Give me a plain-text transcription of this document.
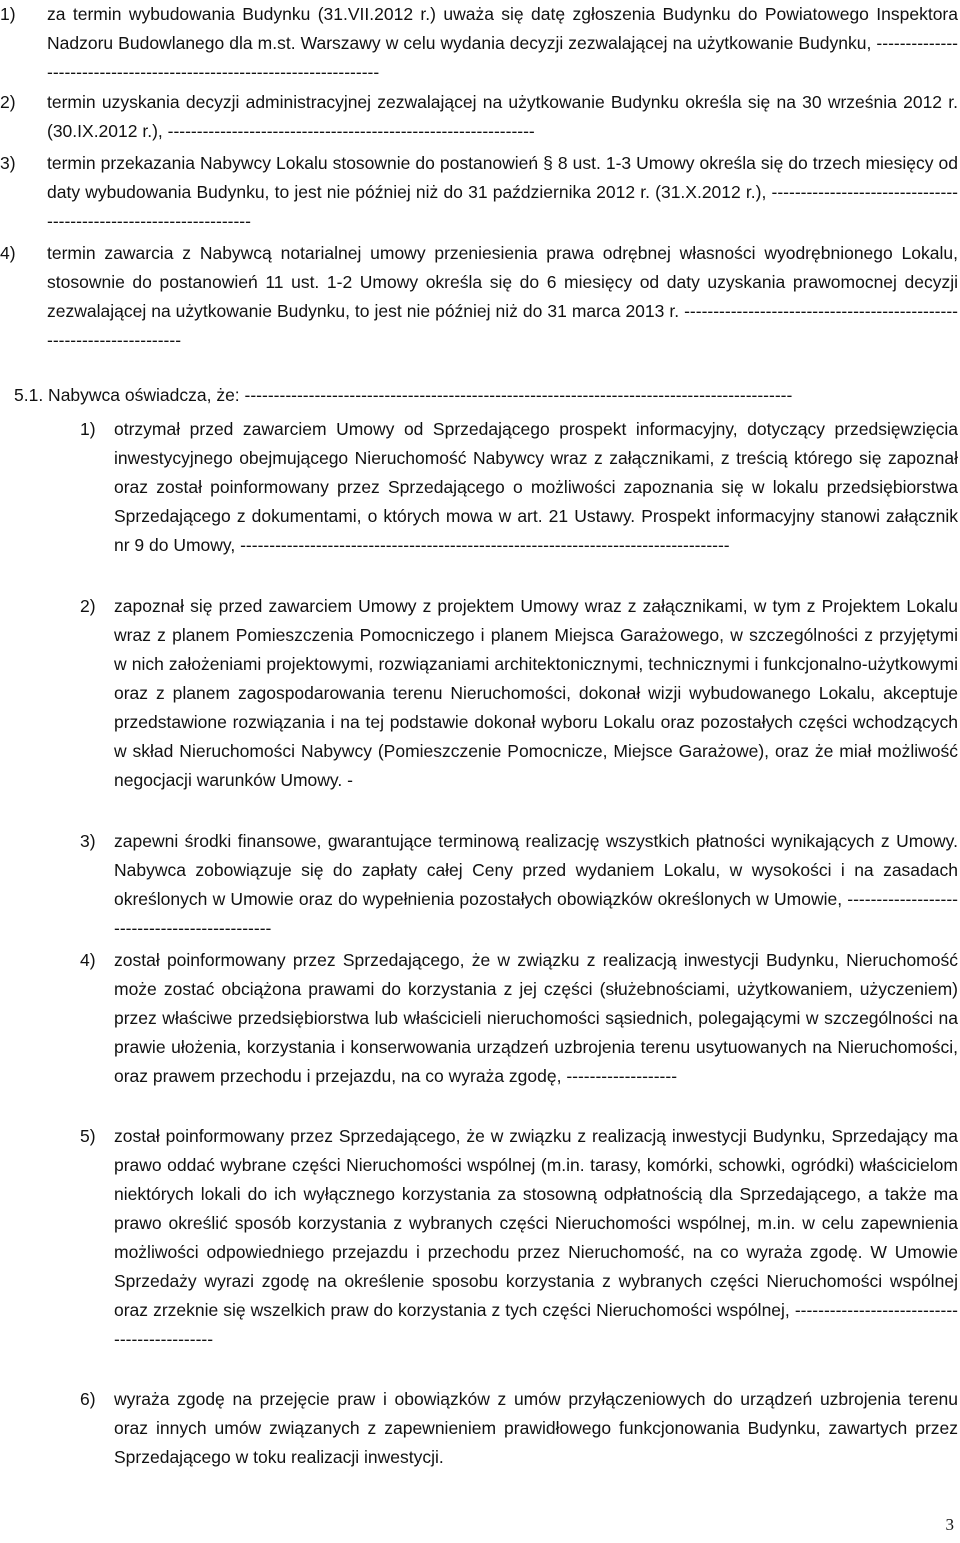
1) za termin wybudowania Budynku (31.VII.2012 r.) uważa się datę zgłoszenia Budynku do Powiatowego Inspektora Nadzoru Budowlanego dla m.st. Warszawy w celu wydania decyzji zezwalającej na użytkowanie Budynku, -----------------------------------------------------------------------
2) termin uzyskania decyzji administracyjnej zezwalającej na użytkowanie Budynku określa się na 30 września 2012 r. (30.IX.2012 r.), ---------------------------------------------------------------
3) termin przekazania Nabywcy Lokalu stosownie do postanowień § 8 ust. 1-3 Umowy określa się do trzech miesięcy od daty wybudowania Budynku, to jest nie później niż do 31 października 2012 r. (31.X.2012 r.), -------------------------------------------------------------------
4) termin zawarcia z Nabywcą notarialnej umowy przeniesienia prawa odrębnej własności wyodrębnionego Lokalu, stosownie do postanowień 11 ust. 1-2 Umowy określa się do 6 miesięcy od daty uzyskania prawomocnej decyzji zezwalającej na użytkowanie Budynku, to jest nie później niż do 31 marca 2013 r. ----------------------------------------------------------------------
5.1. Nabywca oświadcza, że: ----------------------------------------------------------------------------------------------
1) otrzymał przed zawarciem Umowy od Sprzedającego prospekt informacyjny, dotyczący przedsięwzięcia inwestycyjnego obejmującego Nieruchomość Nabywcy wraz z załącznikami, z treścią którego się zapoznał oraz został poinformowany przez Sprzedającego o możliwości zapoznania się w lokalu przedsiębiorstwa Sprzedającego z dokumentami, o których mowa w art. 21 Ustawy. Prospekt informacyjny stanowi załącznik nr 9 do Umowy, ------------------------------------------------------------------------------------
2) zapoznał się przed zawarciem Umowy z projektem Umowy wraz z załącznikami, w tym z Projektem Lokalu wraz z planem Pomieszczenia Pomocniczego i planem Miejsca Garażowego, w szczególności z przyjętymi w nich założeniami projektowymi, rozwiązaniami architektonicznymi, technicznymi i funkcjonalno-użytkowymi oraz z planem zagospodarowania terenu Nieruchomości, dokonał wizji wybudowanego Lokalu, akceptuje przedstawione rozwiązania i na tej podstawie dokonał wyboru Lokalu oraz pozostałych części wchodzących w skład Nieruchomości Nabywcy (Pomieszczenie Pomocnicze, Miejsce Garażowe), oraz że miał możliwość negocjacji warunków Umowy. -
3) zapewni środki finansowe, gwarantujące terminową realizację wszystkich płatności wynikających z Umowy. Nabywca zobowiązuje się do zapłaty całej Ceny przed wydaniem Lokalu, w wysokości i na zasadach określonych w Umowie oraz do wypełnienia pozostałych obowiązków określonych w Umowie, ----------------------------------------------
4) został poinformowany przez Sprzedającego, że w związku z realizacją inwestycji Budynku, Nieruchomość może zostać obciążona prawami do korzystania z jej części (służebnościami, użytkowaniem, użyczeniem) przez właściwe przedsiębiorstwa lub właścicieli nieruchomości sąsiednich, polegającymi w szczególności na prawie ułożenia, korzystania i konserwowania urządzeń uzbrojenia terenu usytuowanych na Nieruchomości, oraz prawem przechodu i przejazdu, na co wyraża zgodę, -------------------
5) został poinformowany przez Sprzedającego, że w związku z realizacją inwestycji Budynku, Sprzedający ma prawo oddać wybrane części Nieruchomości wspólnej (m.in. tarasy, komórki, schowki, ogródki) właścicielom niektórych lokali do ich wyłącznego korzystania za stosowną odpłatnością dla Sprzedającego, a także ma prawo określić sposób korzystania z wybranych części Nieruchomości wspólnej, m.in. w celu zapewnienia możliwości odpowiedniego przejazdu i przechodu przez Nieruchomość, na co wyraża zgodę. W Umowie Sprzedaży wyrazi zgodę na określenie sposobu korzystania z wybranych części Nieruchomości wspólnej oraz zrzeknie się wszelkich praw do korzystania z tych części Nieruchomości wspólnej, ---------------------------------------------
6) wyraża zgodę na przejęcie praw i obowiązków z umów przyłączeniowych do urządzeń uzbrojenia terenu oraz innych umów związanych z zapewnieniem prawidłowego funkcjonowania Budynku, zawartych przez Sprzedającego w toku realizacji inwestycji.
3
